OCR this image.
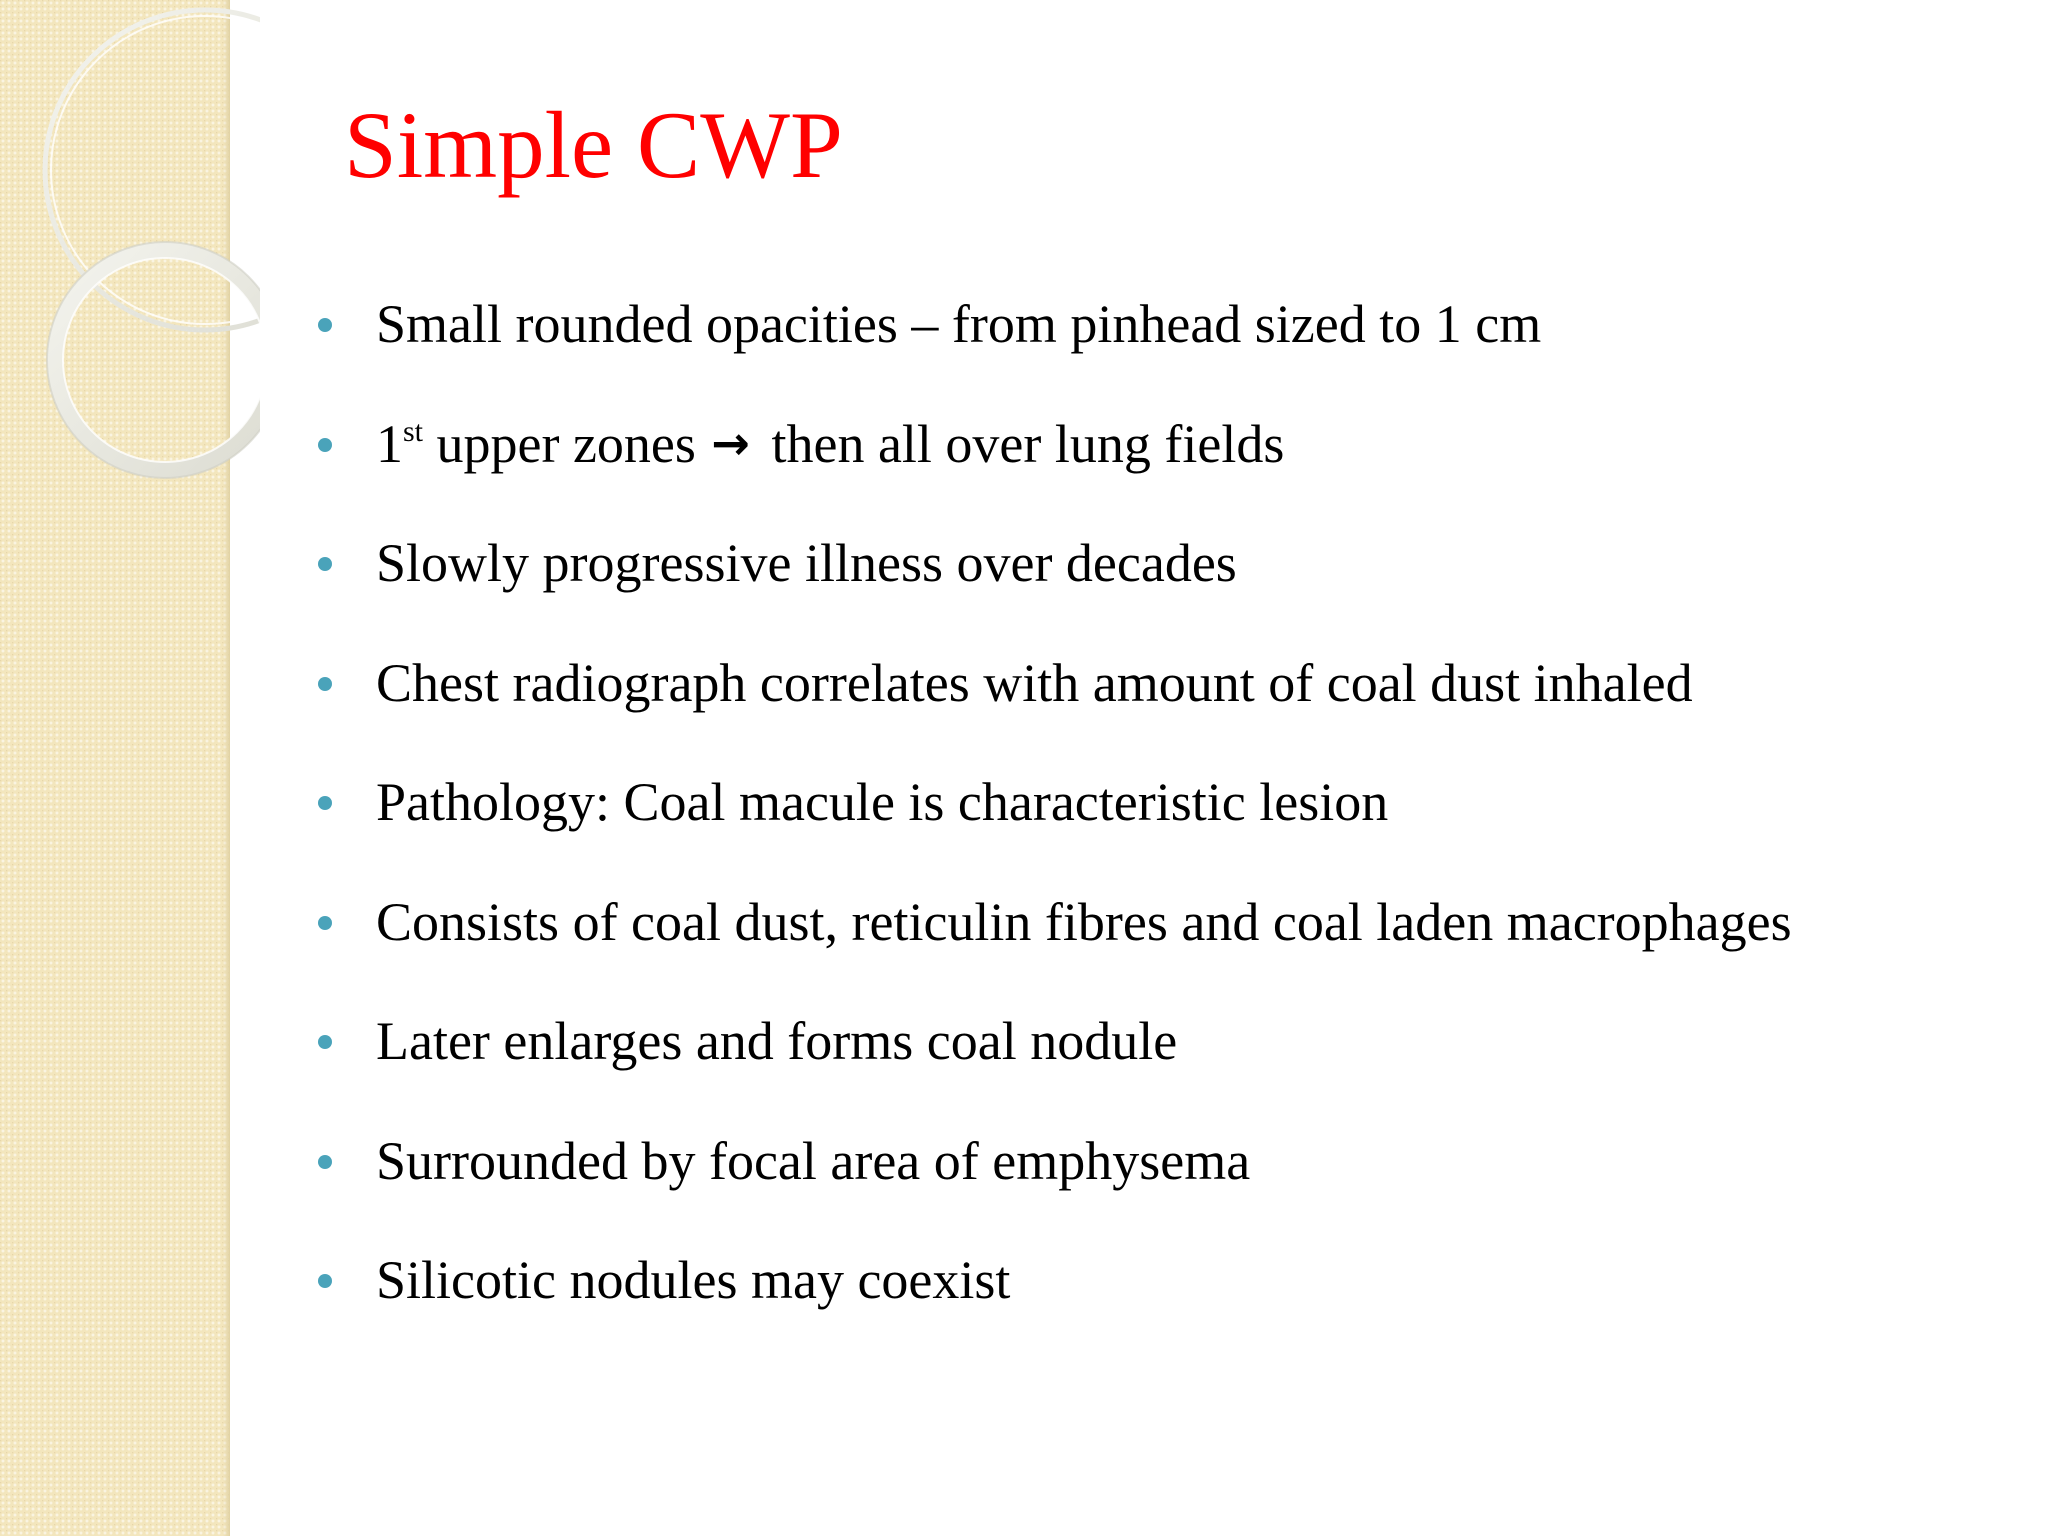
Simple CWP
Small rounded opacities – from pinhead sized to 1 cm
1st upper zones → then all over lung fields
Slowly progressive illness over decades
Chest radiograph correlates with amount of coal dust inhaled
Pathology: Coal macule is characteristic lesion
Consists of coal dust, reticulin fibres and coal laden macrophages
Later enlarges and forms coal nodule
Surrounded by focal area of emphysema
Silicotic nodules may coexist
